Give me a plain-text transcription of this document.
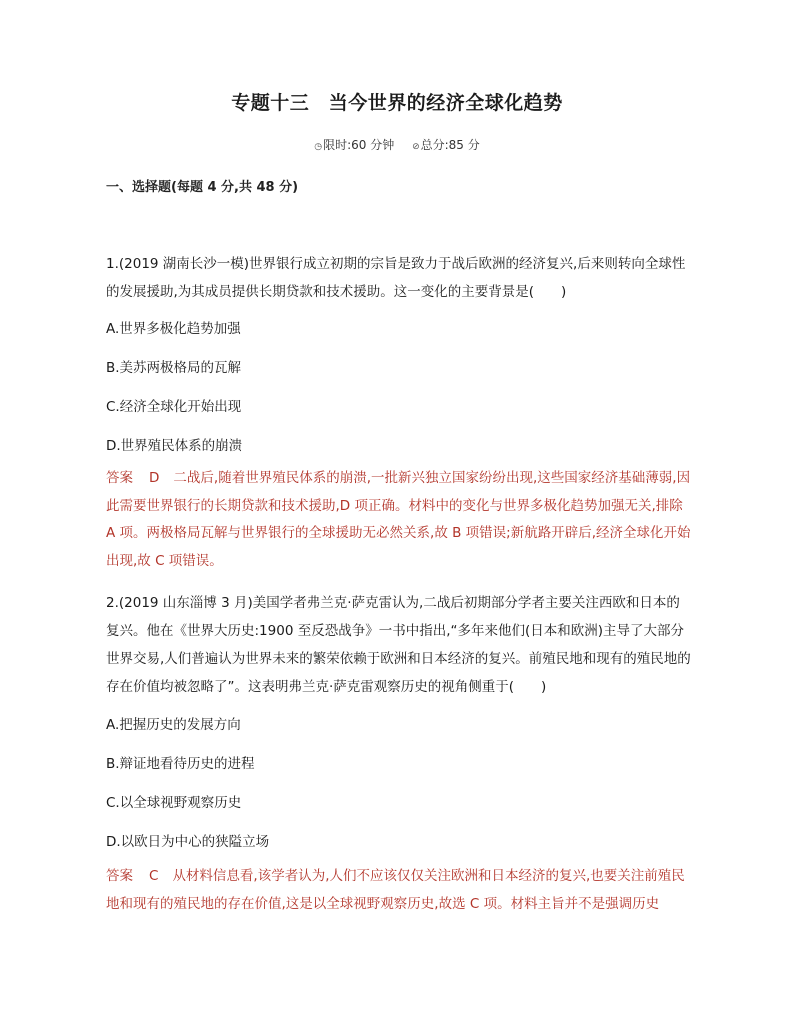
专题十三　当今世界的经济全球化趋势
◷限时:60 分钟 ⊘总分:85 分
一、选择题(每题 4 分,共 48 分)
1.(2019 湖南长沙一模)世界银行成立初期的宗旨是致力于战后欧洲的经济复兴,后来则转向全球性的发展援助,为其成员提供长期贷款和技术援助。这一变化的主要背景是(　　)
A.世界多极化趋势加强
B.美苏两极格局的瓦解
C.经济全球化开始出现
D.世界殖民体系的崩溃
答案 D 二战后,随着世界殖民体系的崩溃,一批新兴独立国家纷纷出现,这些国家经济基础薄弱,因此需要世界银行的长期贷款和技术援助,D 项正确。材料中的变化与世界多极化趋势加强无关,排除 A 项。两极格局瓦解与世界银行的全球援助无必然关系,故 B 项错误;新航路开辟后,经济全球化开始出现,故 C 项错误。
2.(2019 山东淄博 3 月)美国学者弗兰克·萨克雷认为,二战后初期部分学者主要关注西欧和日本的复兴。他在《世界大历史:1900 至反恐战争》一书中指出,“多年来他们(日本和欧洲)主导了大部分世界交易,人们普遍认为世界未来的繁荣依赖于欧洲和日本经济的复兴。前殖民地和现有的殖民地的存在价值均被忽略了”。这表明弗兰克·萨克雷观察历史的视角侧重于(　　)
A.把握历史的发展方向
B.辩证地看待历史的进程
C.以全球视野观察历史
D.以欧日为中心的狭隘立场
答案 C 从材料信息看,该学者认为,人们不应该仅仅关注欧洲和日本经济的复兴,也要关注前殖民地和现有的殖民地的存在价值,这是以全球视野观察历史,故选 C 项。材料主旨并不是强调历史
